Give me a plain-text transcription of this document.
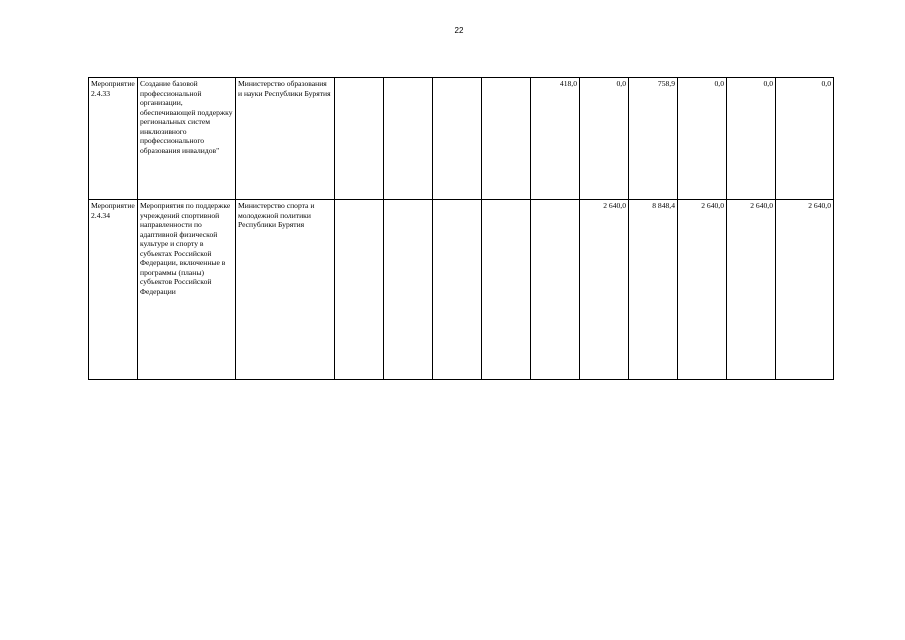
22
Мероприятие 2.4.33	Создание базовой профессиональной организации, обеспечивающей поддержку региональных систем инклюзивного профессионального образования инвалидов"	Министерство образования и науки Республики Бурятия					418,0	0,0	758,9	0,0	0,0	0,0
Мероприятие 2.4.34	Мероприятия по поддержке учреждений спортивной направленности по адаптивной физической культуре и спорту в субъектах Российской Федерации, включенные в программы (планы) субъектов Российской Федерации	Министерство спорта и молодежной политики Республики Бурятия						2 640,0	8 848,4	2 640,0	2 640,0	2 640,0
